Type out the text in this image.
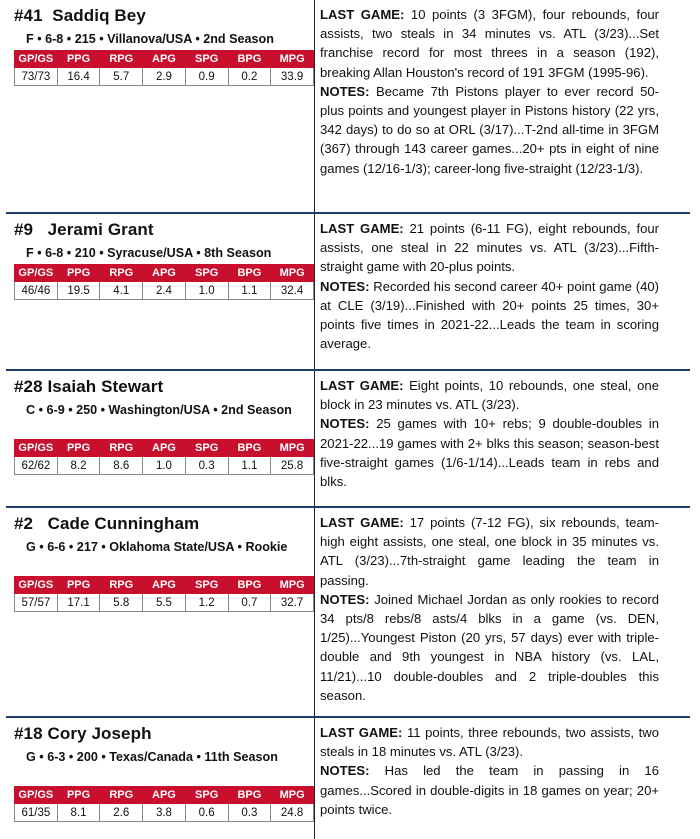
#41  Saddiq Bey
F • 6-8 • 215 • Villanova/USA • 2nd Season
GP/GS	PPG	RPG	APG	SPG	BPG	MPG
73/73	16.4	5.7	2.9	0.9	0.2	33.9

LAST GAME: 10 points (3 3FGM), four rebounds, four assists, two steals in 34 minutes vs. ATL (3/23)...Set franchise record for most threes in a season (192), breaking Allan Houston's record of 191 3FGM (1995-96).

NOTES: Became 7th Pistons player to ever record 50-plus points and youngest player in Pistons history (22 yrs, 342 days) to do so at ORL (3/17)...T-2nd all-time in 3FGM (367) through 143 career games...20+ pts in eight of nine games (12/16-1/3); career-long five-straight (12/23-1/3).

#9   Jerami Grant
F • 6-8 • 210 • Syracuse/USA • 8th Season
GP/GS	PPG	RPG	APG	SPG	BPG	MPG
46/46	19.5	4.1	2.4	1.0	1.1	32.4

LAST GAME: 21 points (6-11 FG), eight rebounds, four assists, one steal in 22 minutes vs. ATL (3/23)...Fifth-straight game with 20-plus points.

NOTES: Recorded his second career 40+ point game (40) at CLE (3/19)...Finished with 20+ points 25 times, 30+ points five times in 2021-22...Leads the team in scoring average.

#28 Isaiah Stewart
C • 6-9 • 250 • Washington/USA • 2nd Season
GP/GS	PPG	RPG	APG	SPG	BPG	MPG
62/62	8.2	8.6	1.0	0.3	1.1	25.8

LAST GAME: Eight points, 10 rebounds, one steal, one block in 23 minutes vs. ATL (3/23).

NOTES: 25 games with 10+ rebs; 9 double-doubles in 2021-22...19 games with 2+ blks this season; season-best five-straight games (1/6-1/14)...Leads team in rebs and blks.

#2   Cade Cunningham
G • 6-6 • 217 • Oklahoma State/USA • Rookie
GP/GS	PPG	RPG	APG	SPG	BPG	MPG
57/57	17.1	5.8	5.5	1.2	0.7	32.7

LAST GAME: 17 points (7-12 FG), six rebounds, team-high eight assists, one steal, one block in 35 minutes vs. ATL (3/23)...7th-straight game leading the team in passing.

NOTES: Joined Michael Jordan as only rookies to record 34 pts/8 rebs/8 asts/4 blks in a game (vs. DEN, 1/25)...Youngest Piston (20 yrs, 57 days) ever with triple-double and 9th youngest in NBA history (vs. LAL, 11/21)...10 double-doubles and 2 triple-doubles this season.

#18 Cory Joseph
G • 6-3 • 200 • Texas/Canada • 11th Season
GP/GS	PPG	RPG	APG	SPG	BPG	MPG
61/35	8.1	2.6	3.8	0.6	0.3	24.8

LAST GAME: 11 points, three rebounds, two assists, two steals in 18 minutes vs. ATL (3/23).

NOTES: Has led the team in passing in 16 games...Scored in double-digits in 18 games on year; 20+ points twice.
